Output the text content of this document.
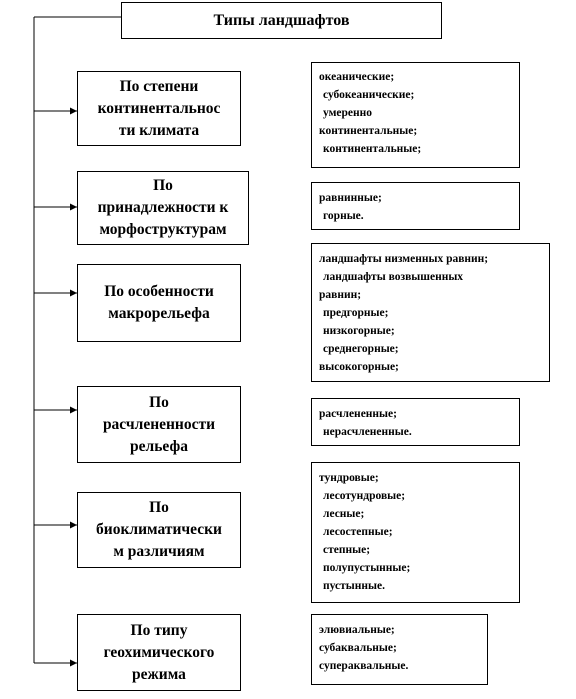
Типы ландшафтов
По степени
континентальнос
ти климата
По
принадлежности к
морфоструктурам
По особенности
макрорельефа
По
расчлененности
рельефа
По
биоклиматически
м различиям
По типу
геохимического
режима
океанические;
субокеанические;
умеренно
континентальные;
континентальные;
равнинные;
горные.
ландшафты низменных равнин;
ландшафты возвышенных
равнин;
предгорные;
низкогорные;
среднегорные;
высокогорные;
расчлененные;
нерасчлененные.
тундровые;
лесотундровые;
лесные;
лесостепные;
степные;
полупустынные;
пустынные.
элювиальные;
субаквальные;
супераквальные.
